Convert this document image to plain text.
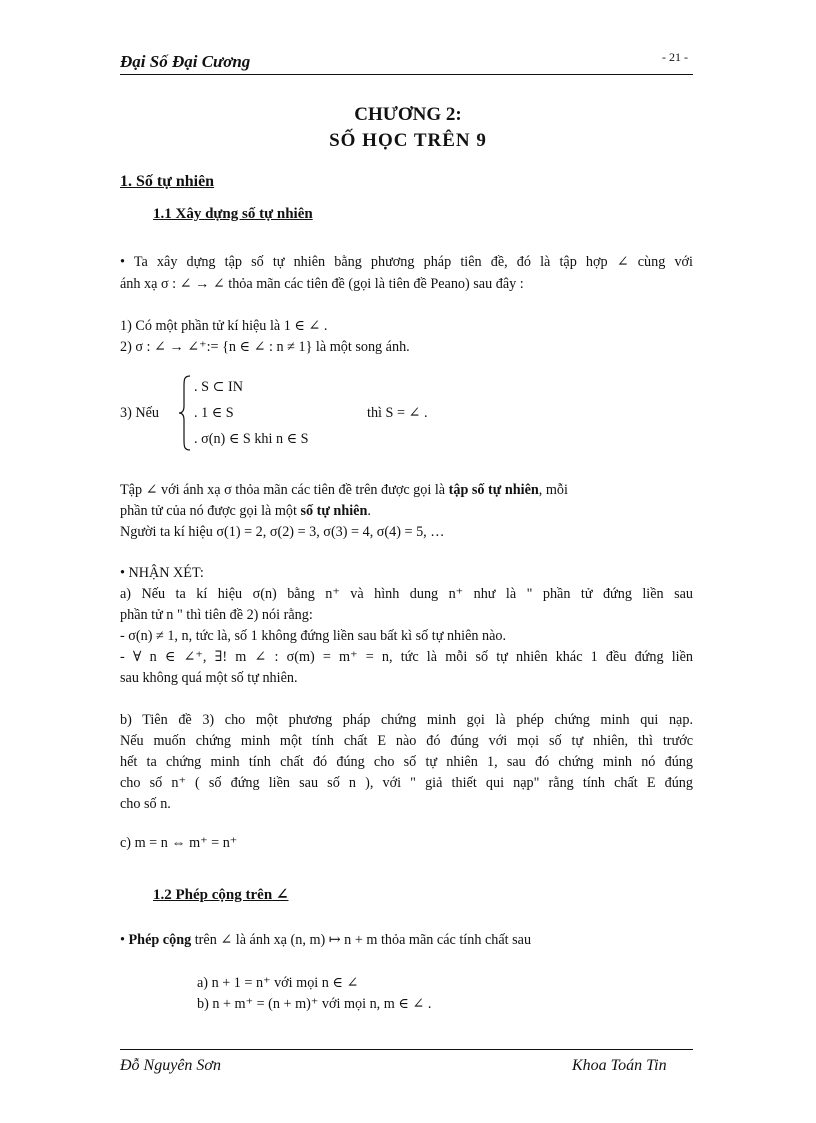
Đại Số Đại Cương	- 21 -
CHƯƠNG 2:
SỐ HỌC TRÊN 9
1. Số tự nhiên
1.1 Xây dựng số tự nhiên
• Ta xây dựng tập số tự nhiên bằng phương pháp tiên đề, đó là tập hợp ∠ cùng với
ánh xạ σ : ∠ → ∠ thỏa mãn các tiên đề (gọi là tiên đề Peano) sau đây :
1) Có một phần tử kí hiệu là 1 ∈ ∠ .
2) σ : ∠ → ∠⁺:= {n ∈ ∠ : n ≠ 1} là một song ánh.
3) Nếu
. S ⊂ IN
. 1 ∈ S
. σ(n) ∈ S khi n ∈ S
thì S = ∠ .
Tập ∠ với ánh xạ σ thỏa mãn các tiên đề trên được gọi là tập số tự nhiên, mỗi
phần tử của nó được gọi là một số tự nhiên.
Người ta kí hiệu σ(1) = 2, σ(2) = 3, σ(3) = 4, σ(4) = 5, …
• NHẬN XÉT:
a) Nếu ta kí hiệu σ(n) bằng n⁺ và hình dung n⁺ như là " phần tử đứng liền sau
phần tử n " thì tiên đề 2) nói rằng:
- σ(n) ≠ 1, n, tức là, số 1 không đứng liền sau bất kì số tự nhiên nào.
- ∀ n ∈ ∠⁺, ∃! m ∠ : σ(m) = m⁺ = n, tức là mỗi số tự nhiên khác 1 đều đứng liền
sau không quá một số tự nhiên.
b) Tiên đề 3) cho một phương pháp chứng minh gọi là phép chứng minh qui nạp.
Nếu muốn chứng minh một tính chất E nào đó đúng với mọi số tự nhiên, thì trước
hết ta chứng minh tính chất đó đúng cho số tự nhiên 1, sau đó chứng minh nó đúng
cho số n⁺ ( số đứng liền sau số n ), với " giả thiết qui nạp" rằng tính chất E đúng
cho số n.
c) m = n ⇔ m⁺ = n⁺
1.2 Phép cộng trên ∠
• Phép cộng trên ∠ là ánh xạ (n, m) ↦ n + m thỏa mãn các tính chất sau
a) n + 1 = n⁺ với mọi n ∈ ∠
b) n + m⁺ = (n + m)⁺ với mọi n, m ∈ ∠ .
Đỗ Nguyên Sơn	Khoa Toán Tin
